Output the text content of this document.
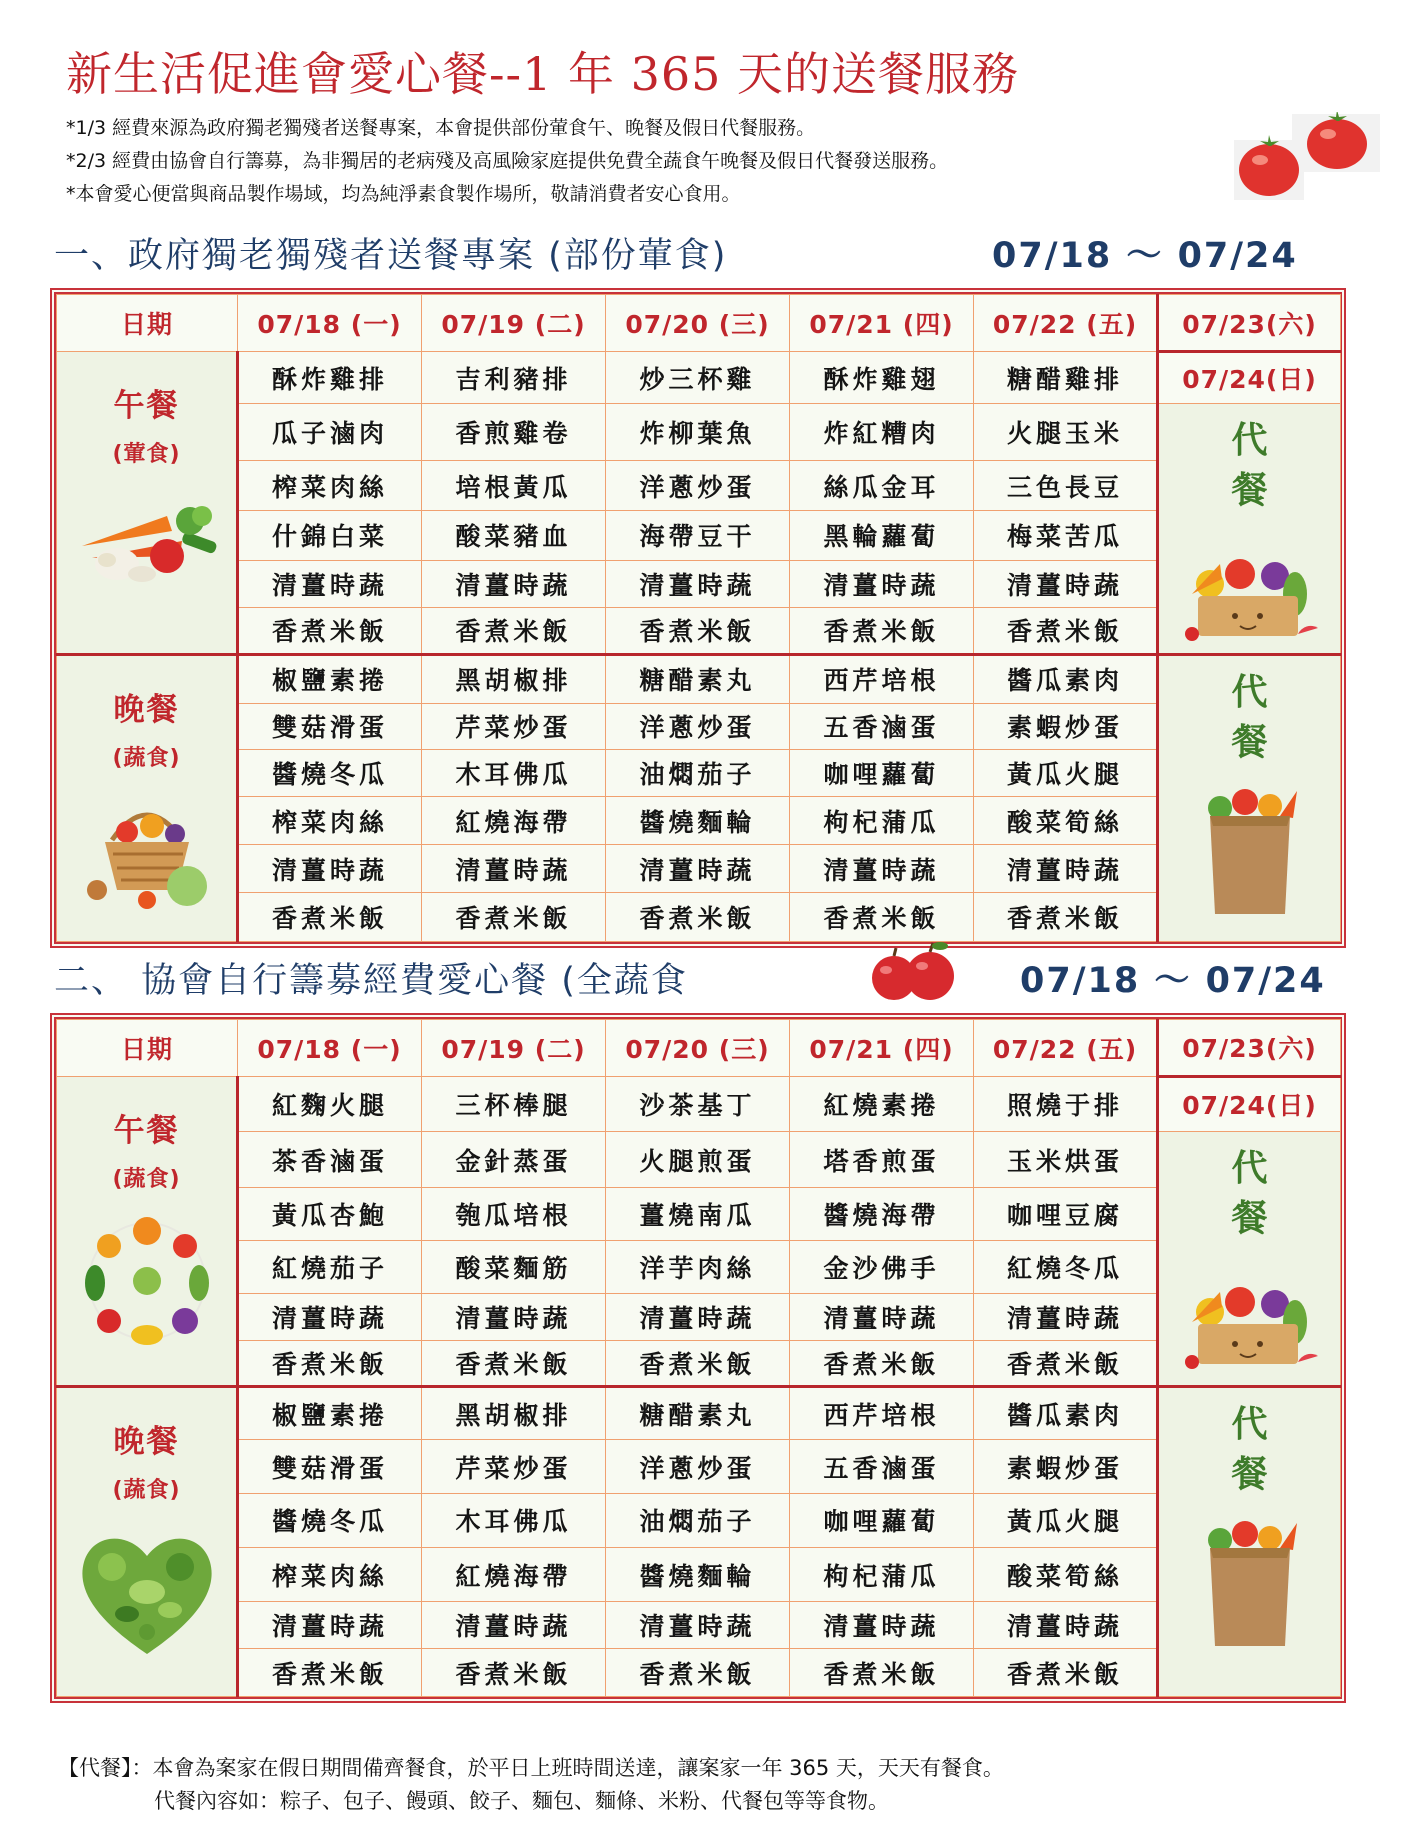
新生活促進會愛心餐--1 年 365 天的送餐服務
*1/3 經費來源為政府獨老獨殘者送餐專案，本會提供部份葷食午、晚餐及假日代餐服務。
*2/3 經費由協會自行籌募，為非獨居的老病殘及高風險家庭提供免費全蔬食午晚餐及假日代餐發送服務。
*本會愛心便當與商品製作場域，均為純淨素食製作場所，敬請消費者安心食用。
一、政府獨老獨殘者送餐專案 (部份葷食)	07/18 ～ 07/24
日期	07/18 (一)	07/19 (二)	07/20 (三)	07/21 (四)	07/22 (五)	07/23(六)

午餐
(葷食)	酥炸雞排	吉利豬排	炒三杯雞	酥炸雞翅	糖醋雞排	07/24(日)
	瓜子滷肉	香煎雞卷	炸柳葉魚	炸紅糟肉	火腿玉米	代
餐

	榨菜肉絲	培根黃瓜	洋蔥炒蛋	絲瓜金耳	三色長豆	
	什錦白菜	酸菜豬血	海帶豆干	黑輪蘿蔔	梅菜苦瓜	
	清薑時蔬	清薑時蔬	清薑時蔬	清薑時蔬	清薑時蔬	
	香煮米飯	香煮米飯	香煮米飯	香煮米飯	香煮米飯	

晚餐
(蔬食)	椒鹽素捲	黑胡椒排	糖醋素丸	西芹培根	醬瓜素肉	代
餐

	雙菇滑蛋	芹菜炒蛋	洋蔥炒蛋	五香滷蛋	素蝦炒蛋	
	醬燒冬瓜	木耳佛瓜	油燜茄子	咖哩蘿蔔	黃瓜火腿	
	榨菜肉絲	紅燒海帶	醬燒麵輪	枸杞蒲瓜	酸菜筍絲	
	清薑時蔬	清薑時蔬	清薑時蔬	清薑時蔬	清薑時蔬	
	香煮米飯	香煮米飯	香煮米飯	香煮米飯	香煮米飯	
二、 協會自行籌募經費愛心餐 (全蔬食	07/18 ～ 07/24
日期	07/18 (一)	07/19 (二)	07/20 (三)	07/21 (四)	07/22 (五)	07/23(六)

午餐
(蔬食)	紅麴火腿	三杯棒腿	沙茶基丁	紅燒素捲	照燒于排	07/24(日)
	茶香滷蛋	金針蒸蛋	火腿煎蛋	塔香煎蛋	玉米烘蛋	代
餐

	黃瓜杏鮑	匏瓜培根	薑燒南瓜	醬燒海帶	咖哩豆腐	
	紅燒茄子	酸菜麵筋	洋芋肉絲	金沙佛手	紅燒冬瓜	
	清薑時蔬	清薑時蔬	清薑時蔬	清薑時蔬	清薑時蔬	
	香煮米飯	香煮米飯	香煮米飯	香煮米飯	香煮米飯	

晚餐
(蔬食)	椒鹽素捲	黑胡椒排	糖醋素丸	西芹培根	醬瓜素肉	代
餐

	雙菇滑蛋	芹菜炒蛋	洋蔥炒蛋	五香滷蛋	素蝦炒蛋	
	醬燒冬瓜	木耳佛瓜	油燜茄子	咖哩蘿蔔	黃瓜火腿	
	榨菜肉絲	紅燒海帶	醬燒麵輪	枸杞蒲瓜	酸菜筍絲	
	清薑時蔬	清薑時蔬	清薑時蔬	清薑時蔬	清薑時蔬	
	香煮米飯	香煮米飯	香煮米飯	香煮米飯	香煮米飯	
【代餐】：本會為案家在假日期間備齊餐食，於平日上班時間送達，讓案家一年 365 天，天天有餐食。
代餐內容如：粽子、包子、饅頭、餃子、麵包、麵條、米粉、代餐包等等食物。
